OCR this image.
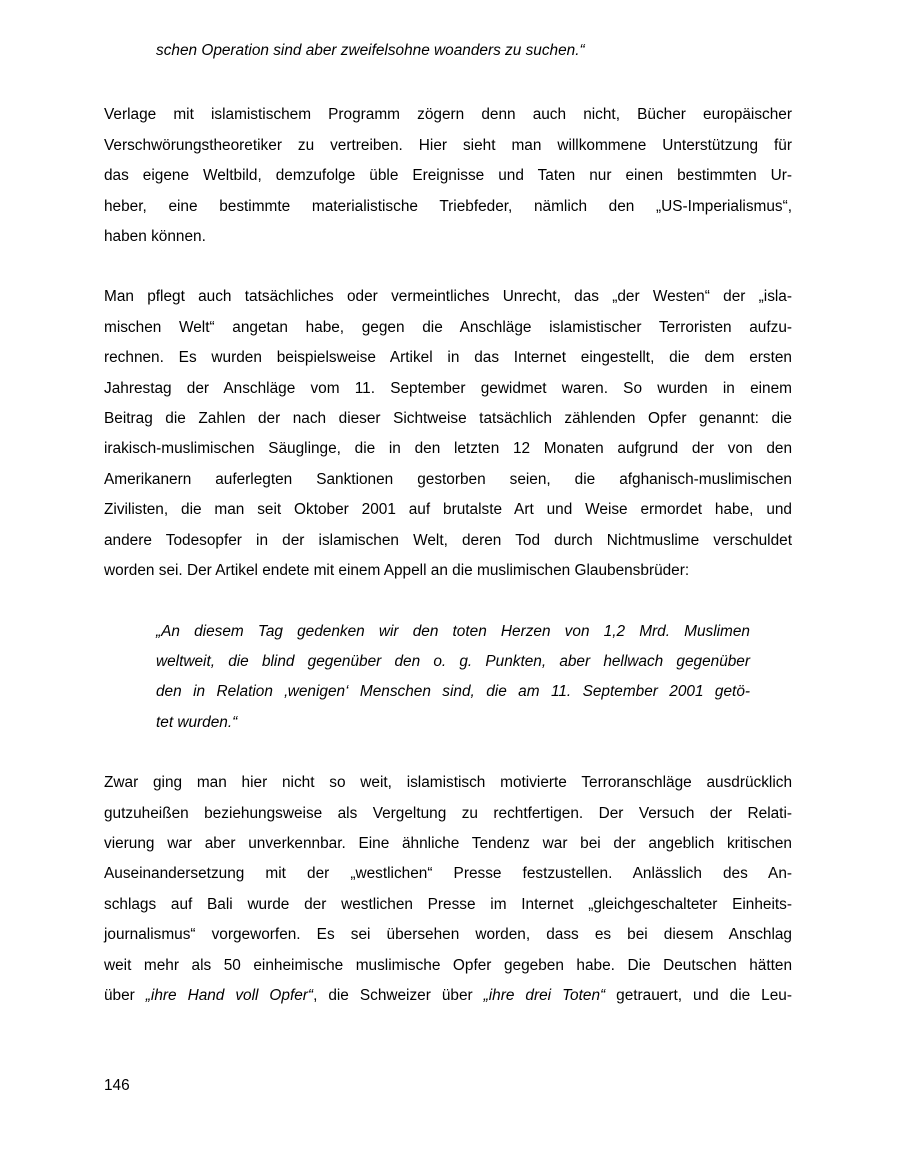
schen Operation sind aber zweifelsohne woanders zu suchen.“
Verlage mit islamistischem Programm zögern denn auch nicht, Bücher europäischer
Verschwörungstheoretiker zu vertreiben. Hier sieht man willkommene Unterstützung für
das eigene Weltbild, demzufolge üble Ereignisse und Taten nur einen bestimmten Ur-
heber, eine bestimmte materialistische Triebfeder, nämlich den „US-Imperialismus“,
haben können.
Man pflegt auch tatsächliches oder vermeintliches Unrecht, das „der Westen“ der „isla-
mischen Welt“ angetan habe, gegen die Anschläge islamistischer Terroristen aufzu-
rechnen. Es wurden beispielsweise Artikel in das Internet eingestellt, die dem ersten
Jahrestag der Anschläge vom 11. September gewidmet waren. So wurden in einem
Beitrag die Zahlen der nach dieser Sichtweise tatsächlich zählenden Opfer genannt: die
irakisch-muslimischen Säuglinge, die in den letzten 12 Monaten aufgrund der von den
Amerikanern auferlegten Sanktionen gestorben seien, die afghanisch-muslimischen
Zivilisten, die man seit Oktober 2001 auf brutalste Art und Weise ermordet habe, und
andere Todesopfer in der islamischen Welt, deren Tod durch Nichtmuslime verschuldet
worden sei. Der Artikel endete mit einem Appell an die muslimischen Glaubensbrüder:
„An diesem Tag gedenken wir den toten Herzen von 1,2 Mrd. Muslimen
weltweit, die blind gegenüber den o. g. Punkten, aber hellwach gegenüber
den in Relation ‚wenigen‘ Menschen sind, die am 11. September 2001 getö-
tet wurden.“
Zwar ging man hier nicht so weit, islamistisch motivierte Terroranschläge ausdrücklich
gutzuheißen beziehungsweise als Vergeltung zu rechtfertigen. Der Versuch der Relati-
vierung war aber unverkennbar. Eine ähnliche Tendenz war bei der angeblich kritischen
Auseinandersetzung mit der „westlichen“ Presse festzustellen. Anlässlich des An-
schlags auf Bali wurde der westlichen Presse im Internet „gleichgeschalteter Einheits-
journalismus“ vorgeworfen. Es sei übersehen worden, dass es bei diesem Anschlag
weit mehr als 50 einheimische muslimische Opfer gegeben habe. Die Deutschen hätten
über „ihre Hand voll Opfer“, die Schweizer über „ihre drei Toten“ getrauert, und die Leu-
146
